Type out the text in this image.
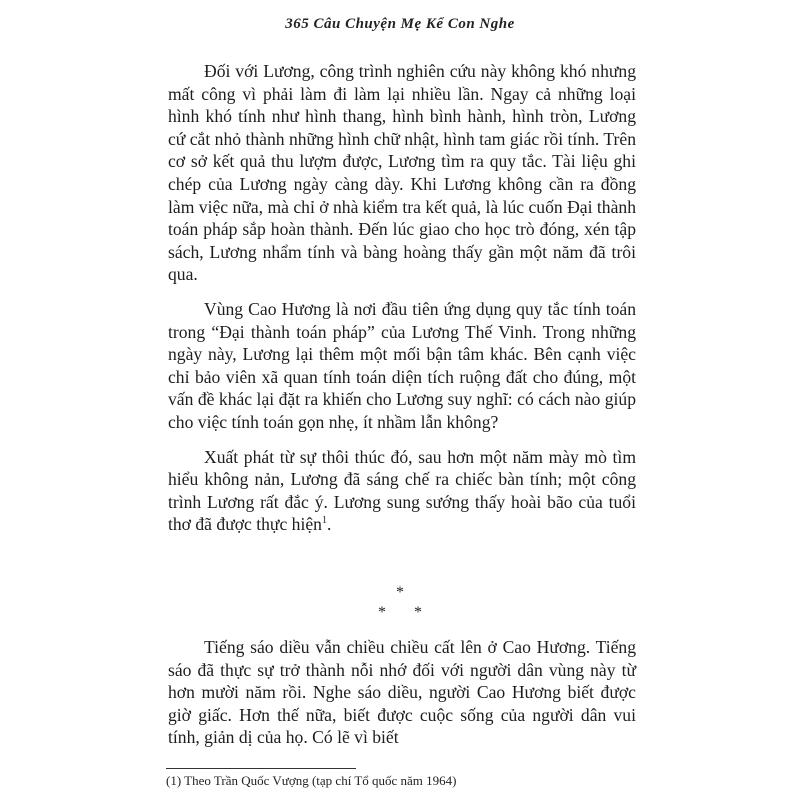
365 Câu Chuyện Mẹ Kể Con Nghe

Đối với Lương, công trình nghiên cứu này không khó nhưng mất công vì phải làm đi làm lại nhiều lần. Ngay cả những loại hình khó tính như hình thang, hình bình hành, hình tròn, Lương cứ cắt nhỏ thành những hình chữ nhật, hình tam giác rồi tính. Trên cơ sở kết quả thu lượm được, Lương tìm ra quy tắc. Tài liệu ghi chép của Lương ngày càng dày. Khi Lương không cần ra đồng làm việc nữa, mà chỉ ở nhà kiểm tra kết quả, là lúc cuốn Đại thành toán pháp sắp hoàn thành. Đến lúc giao cho học trò đóng, xén tập sách, Lương nhẩm tính và bàng hoàng thấy gần một năm đã trôi qua.

Vùng Cao Hương là nơi đầu tiên ứng dụng quy tắc tính toán trong “Đại thành toán pháp” của Lương Thế Vinh. Trong những ngày này, Lương lại thêm một mối bận tâm khác. Bên cạnh việc chỉ bảo viên xã quan tính toán diện tích ruộng đất cho đúng, một vấn đề khác lại đặt ra khiến cho Lương suy nghĩ: có cách nào giúp cho việc tính toán gọn nhẹ, ít nhầm lẫn không?

Xuất phát từ sự thôi thúc đó, sau hơn một năm mày mò tìm hiểu không nản, Lương đã sáng chế ra chiếc bàn tính; một công trình Lương rất đắc ý. Lương sung sướng thấy hoài bão của tuổi thơ đã được thực hiện$^1$.

*
* *

Tiếng sáo diều vẫn chiều chiều cất lên ở Cao Hương. Tiếng sáo đã thực sự trở thành nỗi nhớ đối với người dân vùng này từ hơn mười năm rồi. Nghe sáo diều, người Cao Hương biết được giờ giấc. Hơn thế nữa, biết được cuộc sống của người dân vui tính, giản dị của họ. Có lẽ vì biết

(1) Theo Trần Quốc Vượng (tạp chí Tổ quốc năm 1964)
